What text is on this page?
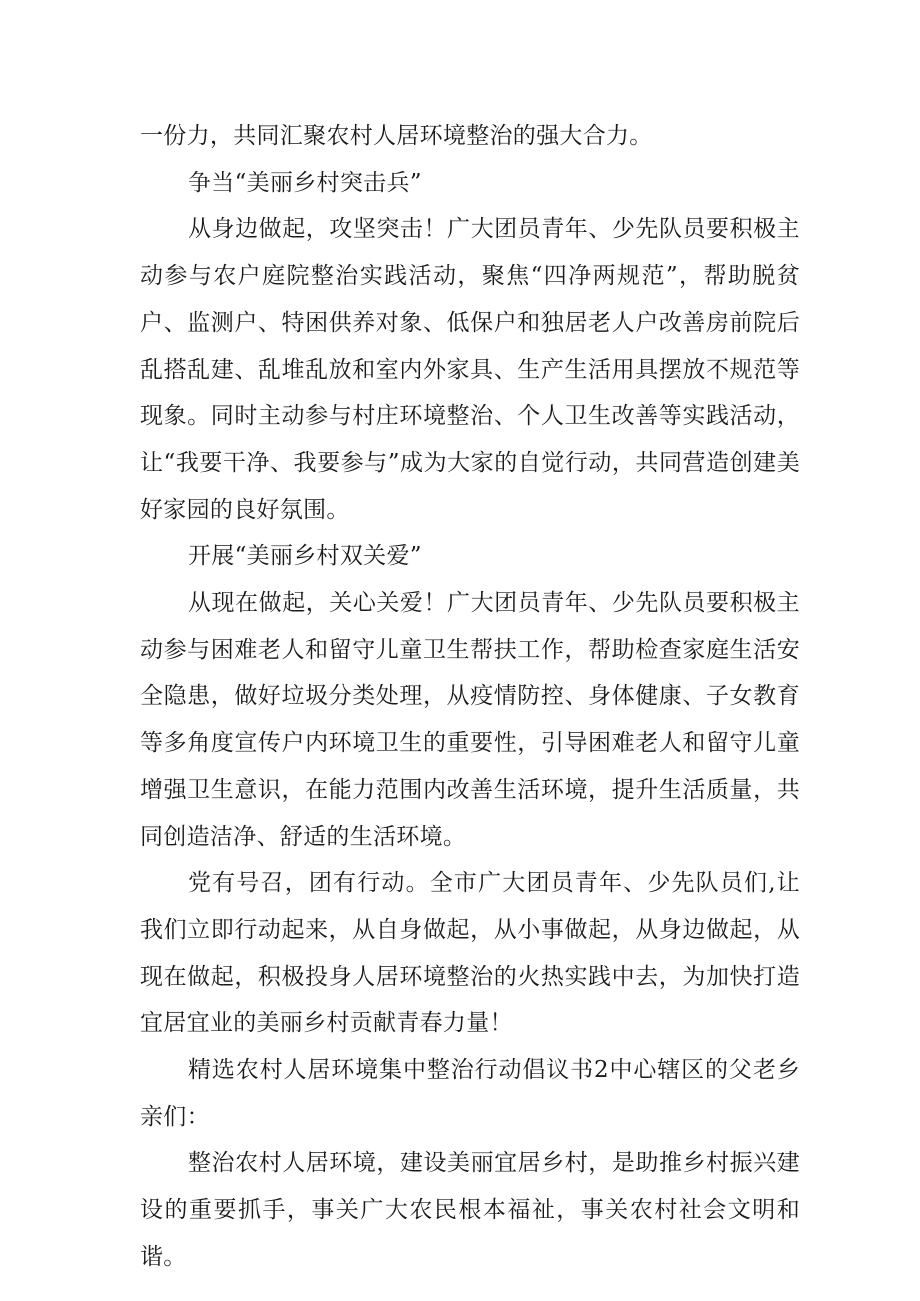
一份力，共同汇聚农村人居环境整治的强大合力。

争当“美丽乡村突击兵”

从身边做起，攻坚突击！广大团员青年、少先队员要积极主动参与农户庭院整治实践活动，聚焦“四净两规范”，帮助脱贫户、监测户、特困供养对象、低保户和独居老人户改善房前院后乱搭乱建、乱堆乱放和室内外家具、生产生活用具摆放不规范等现象。同时主动参与村庄环境整治、个人卫生改善等实践活动，让“我要干净、我要参与”成为大家的自觉行动，共同营造创建美好家园的良好氛围。

开展“美丽乡村双关爱”

从现在做起，关心关爱！广大团员青年、少先队员要积极主动参与困难老人和留守儿童卫生帮扶工作，帮助检查家庭生活安全隐患，做好垃圾分类处理，从疫情防控、身体健康、子女教育等多角度宣传户内环境卫生的重要性，引导困难老人和留守儿童增强卫生意识，在能力范围内改善生活环境，提升生活质量，共同创造洁净、舒适的生活环境。

党有号召，团有行动。全市广大团员青年、少先队员们,让我们立即行动起来，从自身做起，从小事做起，从身边做起，从现在做起，积极投身人居环境整治的火热实践中去，为加快打造宜居宜业的美丽乡村贡献青春力量！

精选农村人居环境集中整治行动倡议书2中心辖区的父老乡亲们：

整治农村人居环境，建设美丽宜居乡村，是助推乡村振兴建设的重要抓手，事关广大农民根本福祉，事关农村社会文明和谐。
